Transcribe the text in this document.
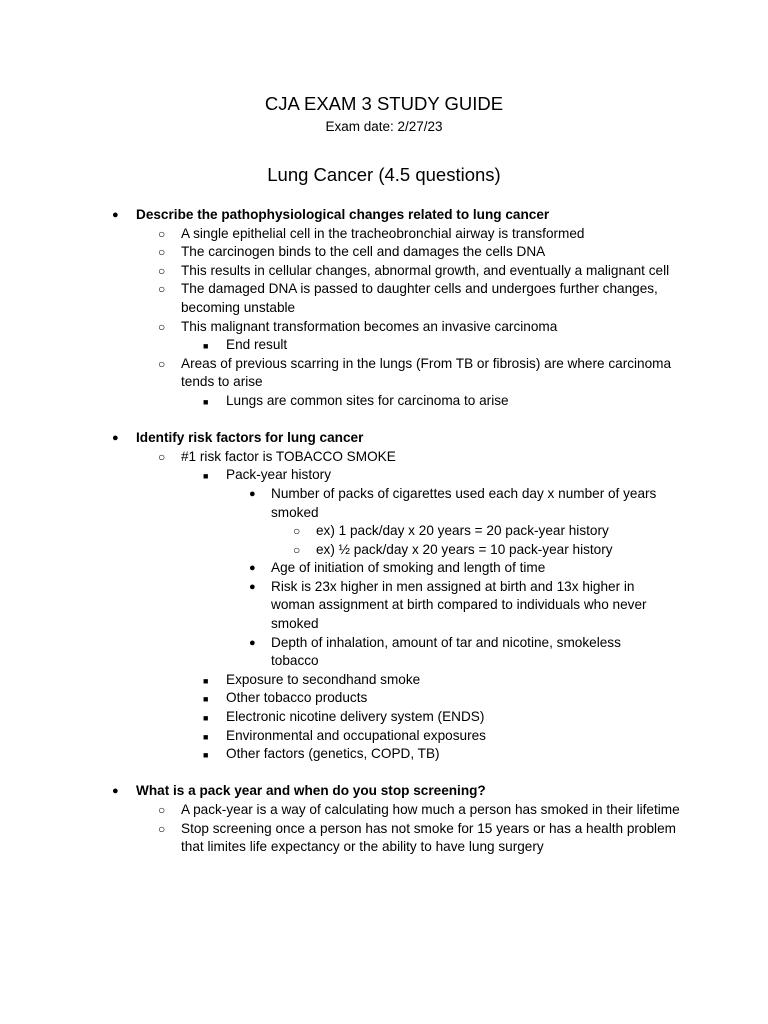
CJA EXAM 3 STUDY GUIDE
Exam date: 2/27/23
Lung Cancer (4.5 questions)
● Describe the pathophysiological changes related to lung cancer
○ A single epithelial cell in the tracheobronchial airway is transformed
○ The carcinogen binds to the cell and damages the cells DNA
○ This results in cellular changes, abnormal growth, and eventually a malignant cell
○ The damaged DNA is passed to daughter cells and undergoes further changes, becoming unstable
○ This malignant transformation becomes an invasive carcinoma
■ End result
○ Areas of previous scarring in the lungs (From TB or fibrosis) are where carcinoma tends to arise
■ Lungs are common sites for carcinoma to arise
● Identify risk factors for lung cancer
○ #1 risk factor is TOBACCO SMOKE
■ Pack-year history
● Number of packs of cigarettes used each day x number of years smoked
○ ex) 1 pack/day x 20 years = 20 pack-year history
○ ex) ½ pack/day x 20 years = 10 pack-year history
● Age of initiation of smoking and length of time
● Risk is 23x higher in men assigned at birth and 13x higher in woman assignment at birth compared to individuals who never smoked
● Depth of inhalation, amount of tar and nicotine, smokeless tobacco
■ Exposure to secondhand smoke
■ Other tobacco products
■ Electronic nicotine delivery system (ENDS)
■ Environmental and occupational exposures
■ Other factors (genetics, COPD, TB)
● What is a pack year and when do you stop screening?
○ A pack-year is a way of calculating how much a person has smoked in their lifetime
○ Stop screening once a person has not smoke for 15 years or has a health problem that limites life expectancy or the ability to have lung surgery
